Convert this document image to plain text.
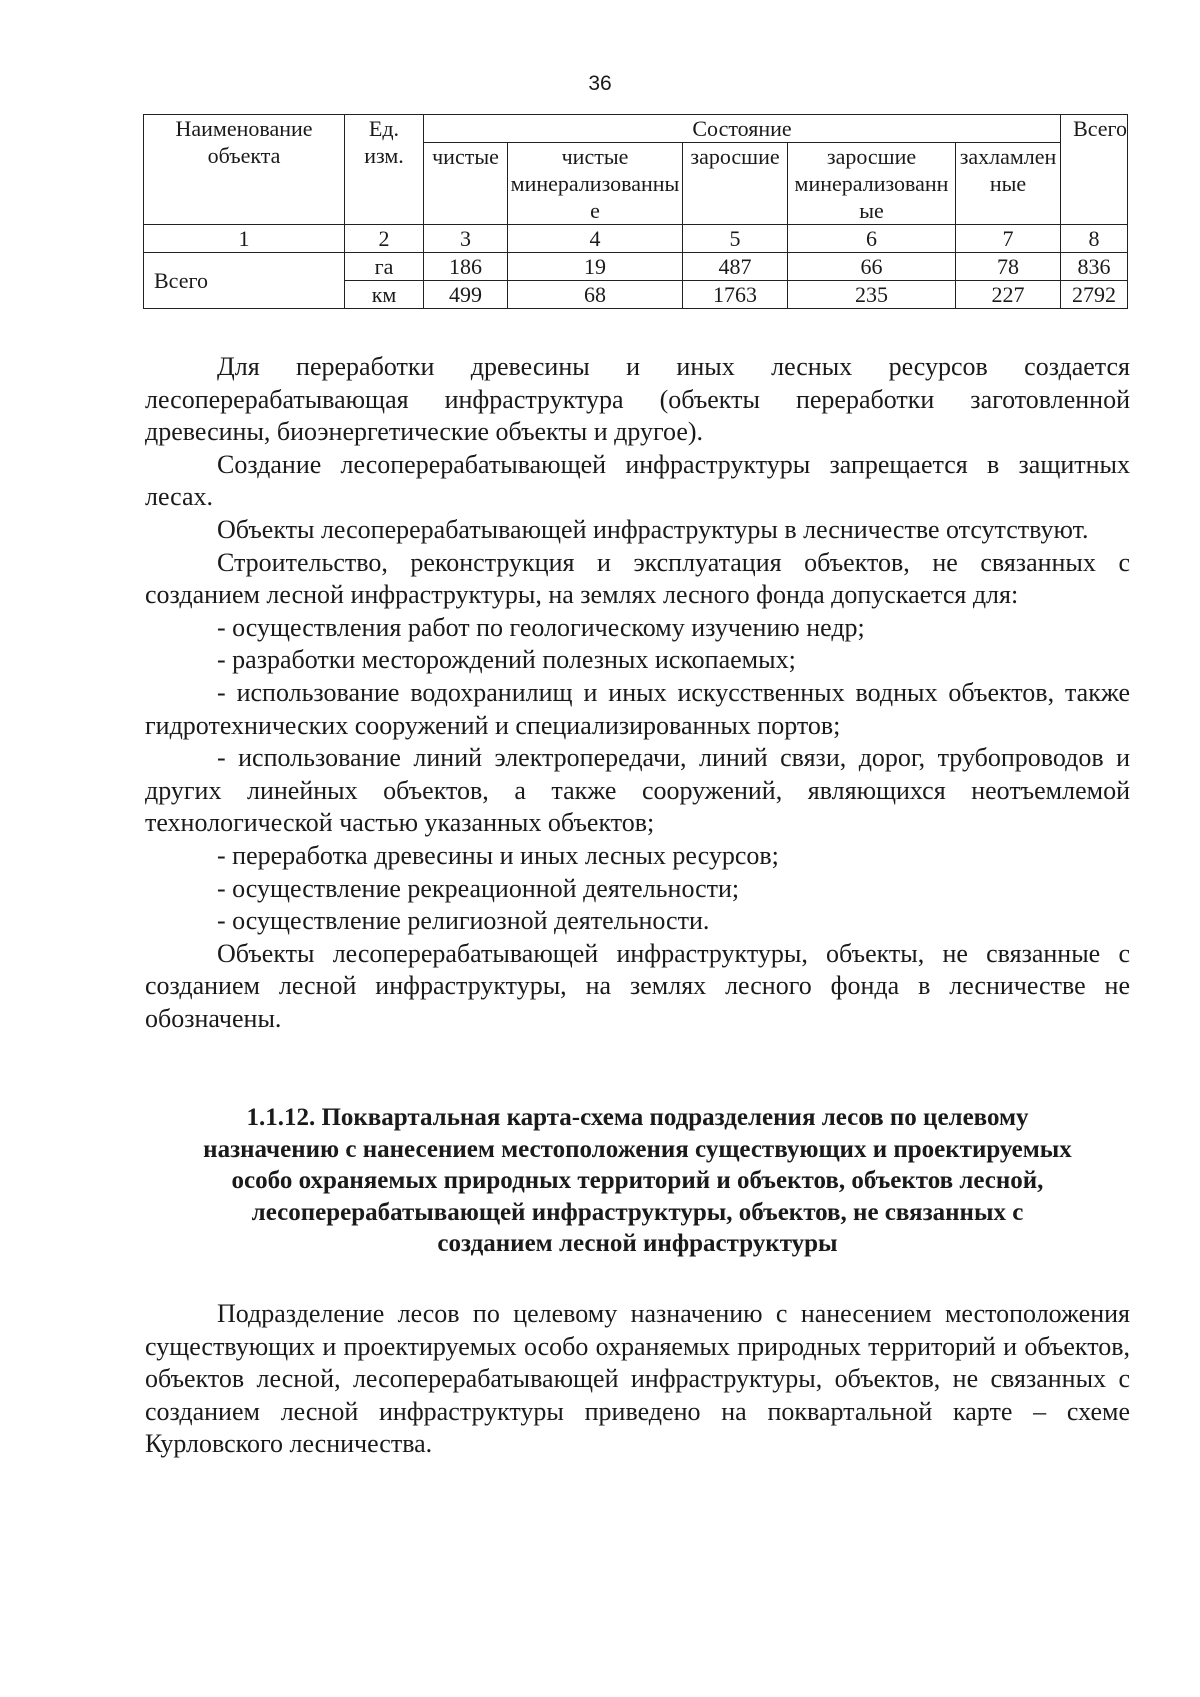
36
Наименование объекта	Ед. изм.	Состояние					Всего
		чистые	чистые минерализованные	заросшие	заросшие минерализованные	захламленные	
1	2	3	4	5	6	7	8
Всего	га	186	19	487	66	78	836
	км	499	68	1763	235	227	2792

Для переработки древесины и иных лесных ресурсов создается лесоперерабатывающая инфраструктура (объекты переработки заготовленной древесины, биоэнергетические объекты и другое).

Создание лесоперерабатывающей инфраструктуры запрещается в защитных лесах.

Объекты лесоперерабатывающей инфраструктуры в лесничестве отсутствуют.

Строительство, реконструкция и эксплуатация объектов, не связанных с созданием лесной инфраструктуры, на землях лесного фонда допускается для:

- осуществления работ по геологическому изучению недр;

- разработки месторождений полезных ископаемых;

- использование водохранилищ и иных искусственных водных объектов, также гидротехнических сооружений и специализированных портов;

- использование линий электропередачи, линий связи, дорог, трубопроводов и других линейных объектов, а также сооружений, являющихся неотъемлемой технологической частью указанных объектов;

- переработка древесины и иных лесных ресурсов;

- осуществление рекреационной деятельности;

- осуществление религиозной деятельности.

Объекты лесоперерабатывающей инфраструктуры, объекты, не связанные с созданием лесной инфраструктуры, на землях лесного фонда в лесничестве не обозначены.

1.1.12. Поквартальная карта-схема подразделения лесов по целевому
назначению с нанесением местоположения существующих и проектируемых
особо охраняемых природных территорий и объектов, объектов лесной,
лесоперерабатывающей инфраструктуры, объектов, не связанных с
созданием лесной инфраструктуры

Подразделение лесов по целевому назначению с нанесением местоположения существующих и проектируемых особо охраняемых природных территорий и объектов, объектов лесной, лесоперерабатывающей инфраструктуры, объектов, не связанных с созданием лесной инфраструктуры приведено на поквартальной карте – схеме Курловского лесничества.
